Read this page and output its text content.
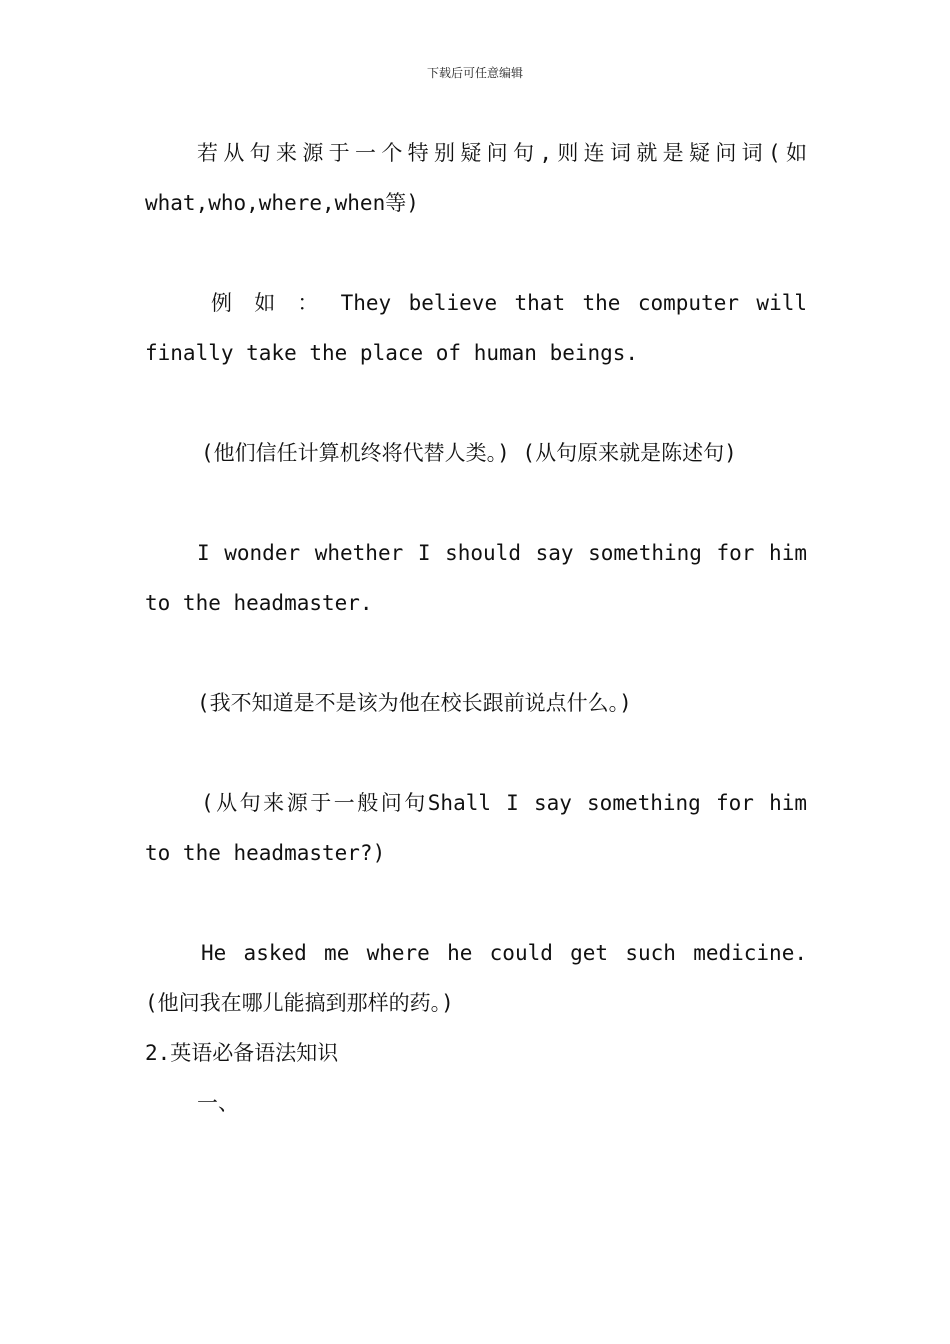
下载后可任意编辑

若从句来源于一个特别疑问句,则连词就是疑问词(如what,who,where,when等)

例 如 ： They believe that the computer will finally take the place of human beings.

(他们信任计算机终将代替人类。) (从句原来就是陈述句)

I wonder whether I should say something for him to the headmaster.

(我不知道是不是该为他在校长跟前说点什么。)

(从句来源于一般问句Shall I say something for him to the headmaster?)

He asked me where he could get such medicine. (他问我在哪儿能搞到那样的药。)

2.英语必备语法知识

一、
